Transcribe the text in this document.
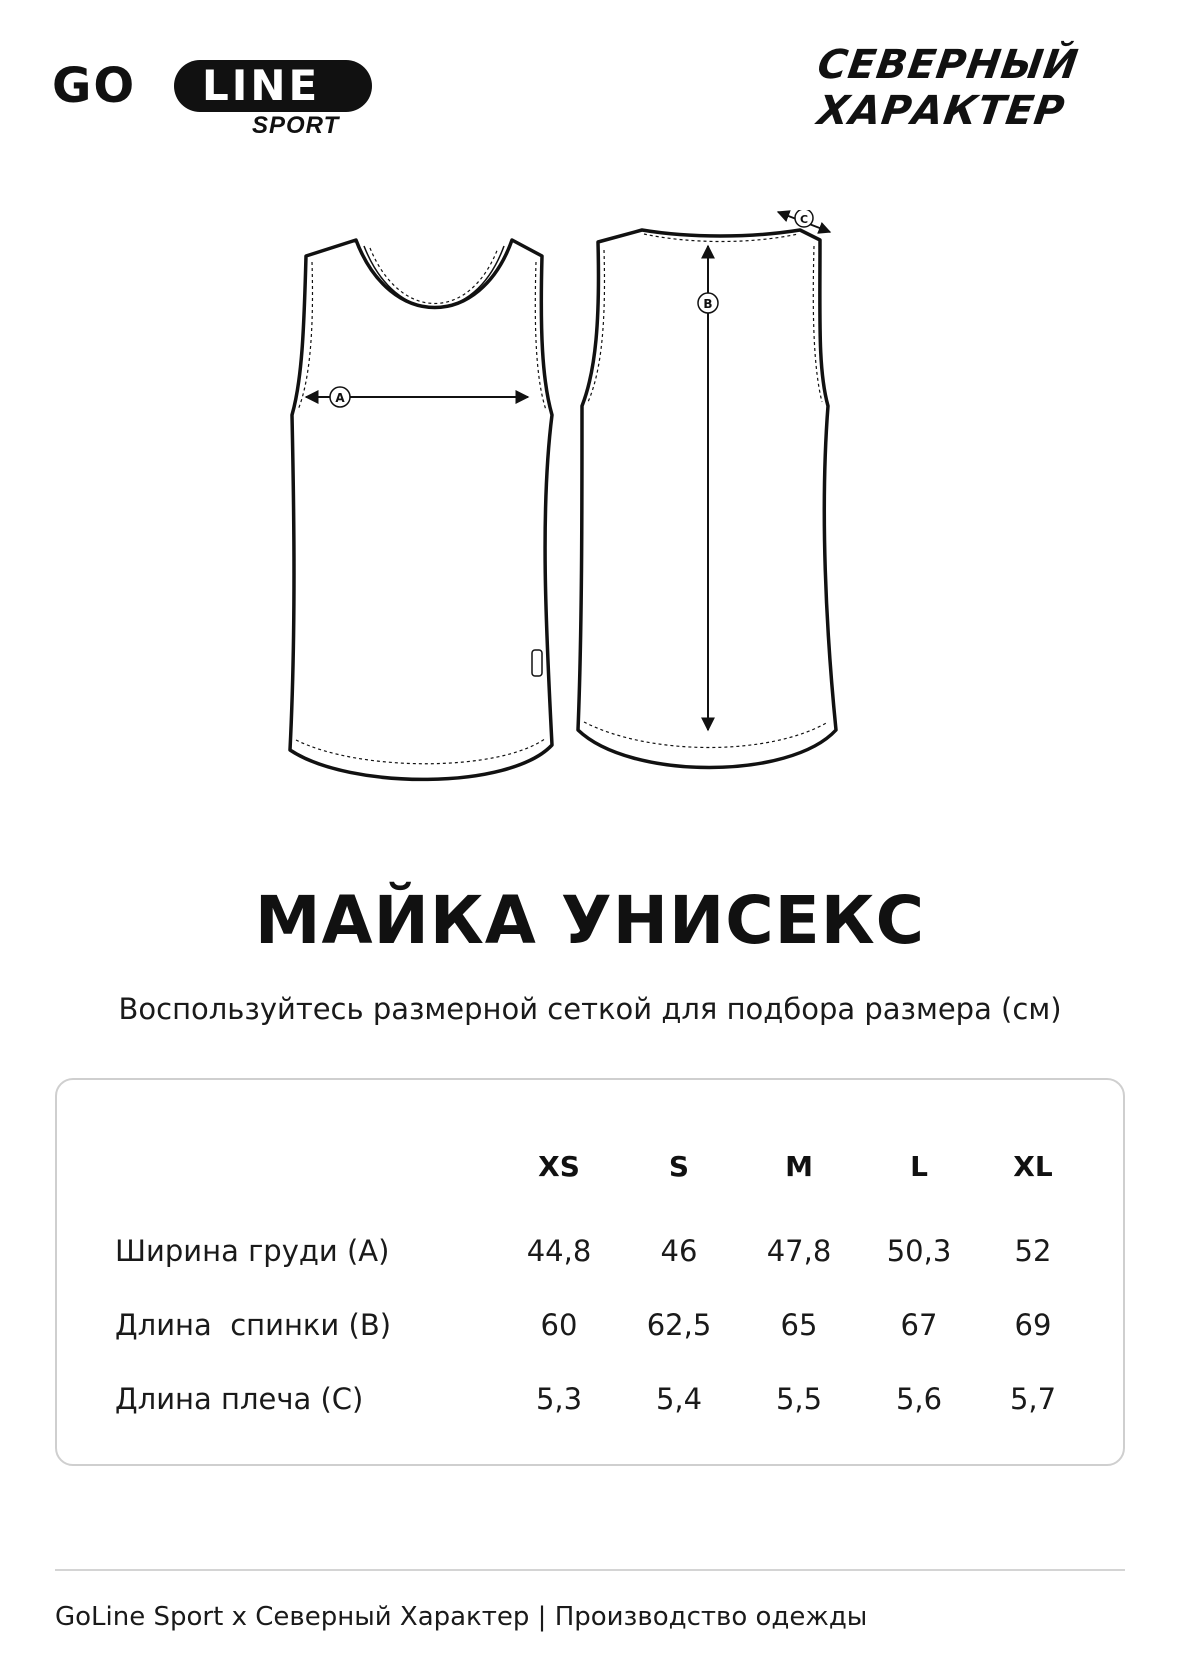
GO LINE
SPORT
СЕВЕРНЫЙ
ХАРАКТЕР
A
B
C
МАЙКА УНИСЕКС
Воспользуйтесь размерной сеткой для подбора размера (см)
	XS	S	M	L	XL
Ширина груди (A)	44,8	46	47,8	50,3	52
Длина  спинки (B)	60	62,5	65	67	69
Длина плеча (C)	5,3	5,4	5,5	5,6	5,7
GoLine Sport x Северный Характер | Производство одежды
